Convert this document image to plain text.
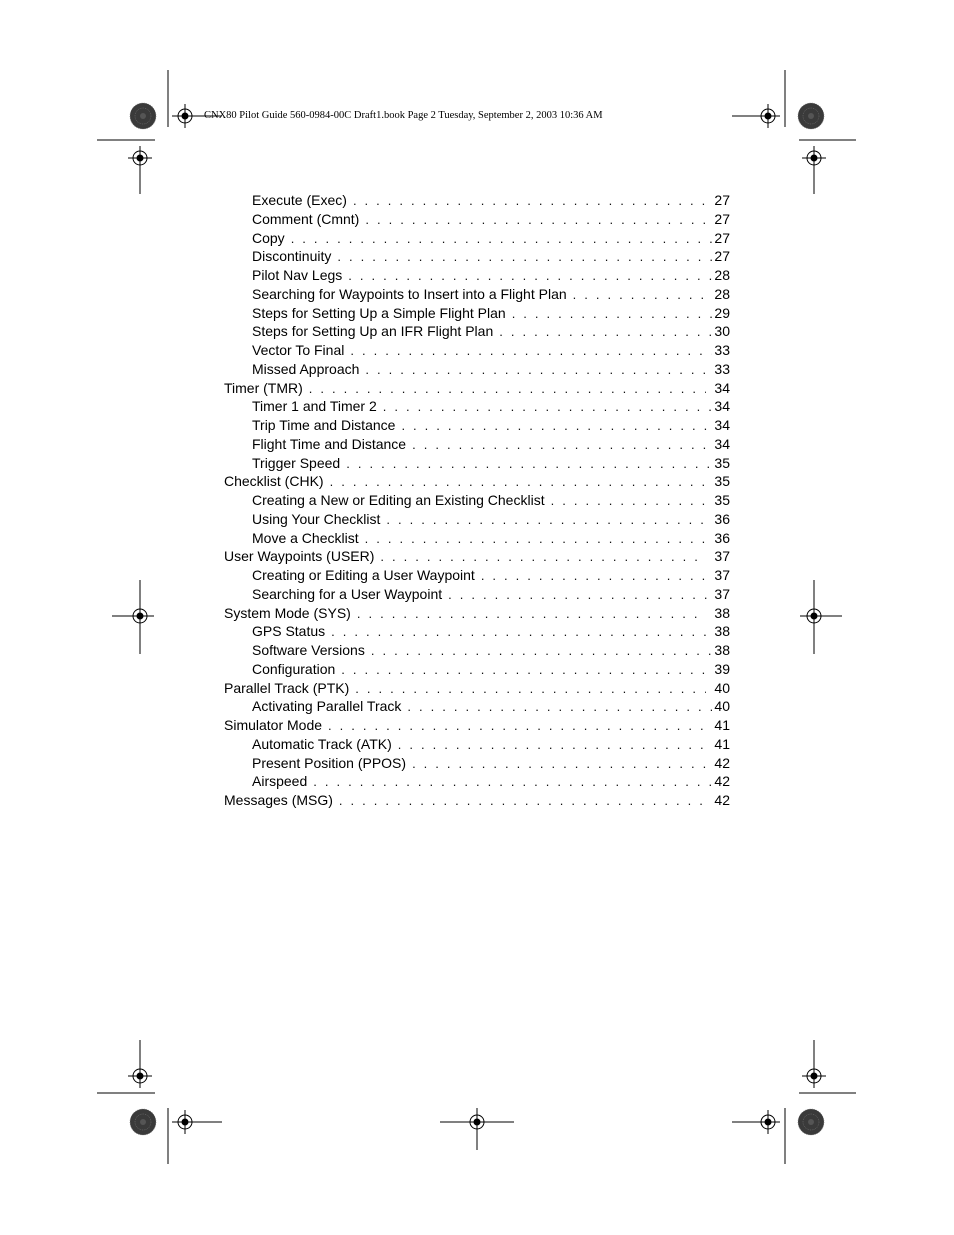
CNX80 Pilot Guide 560-0984-00C Draft1.book Page 2 Tuesday, September 2, 2003 10:36 AM
Execute (Exec) . . .	27
Comment (Cmnt) . . .	27
Copy . . .	27
Discontinuity . . .	27
Pilot Nav Legs . . .	28
Searching for Waypoints to Insert into a Flight Plan . . .	28
Steps for Setting Up a Simple Flight Plan . . .	29
Steps for Setting Up an IFR Flight Plan . . .	30
Vector To Final . . .	33
Missed Approach . . .	33
Timer (TMR) . . .	34
Timer 1 and Timer 2 . . .	34
Trip Time and Distance . . .	34
Flight Time and Distance . . .	34
Trigger Speed . . .	35
Checklist (CHK) . . .	35
Creating a New or Editing an Existing Checklist . . .	35
Using Your Checklist . . .	36
Move a Checklist . . .	36
User Waypoints (USER) . . .	37
Creating or Editing a User Waypoint . . .	37
Searching for a User Waypoint . . .	37
System Mode (SYS) . . .	38
GPS Status . . .	38
Software Versions . . .	38
Configuration . . .	39
Parallel Track (PTK) . . .	40
Activating Parallel Track . . .	40
Simulator Mode . . .	41
Automatic Track (ATK) . . .	41
Present Position (PPOS) . . .	42
Airspeed . . .	42
Messages (MSG) . . .	42
